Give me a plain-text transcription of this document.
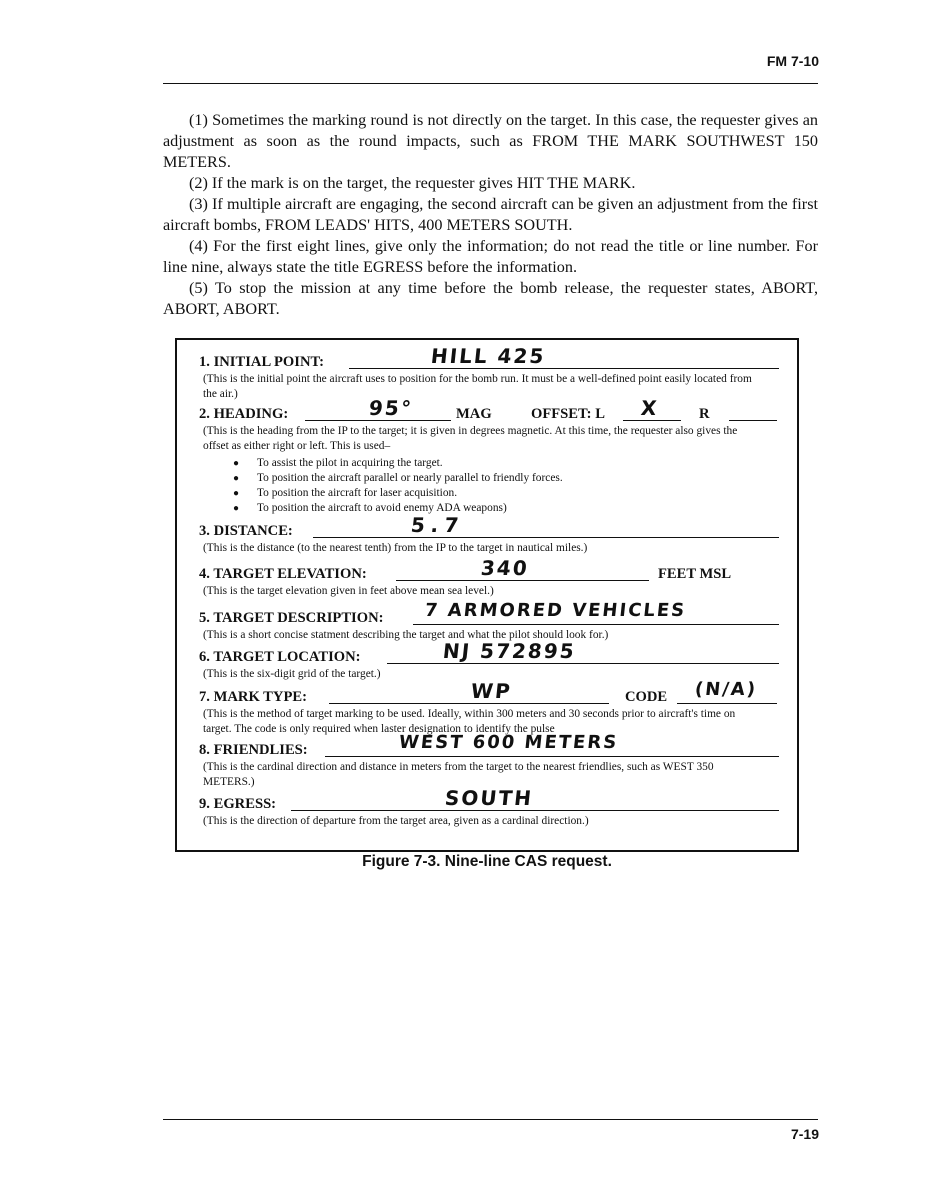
FM 7-10

(1) Sometimes the marking round is not directly on the target. In this case, the requester gives an adjustment as soon as the round impacts, such as FROM THE MARK SOUTHWEST 150 METERS.

(2) If the mark is on the target, the requester gives HIT THE MARK.

(3) If multiple aircraft are engaging, the second aircraft can be given an adjustment from the first aircraft bombs, FROM LEADS' HITS, 400 METERS SOUTH.

(4) For the first eight lines, give only the information; do not read the title or line number. For line nine, always state the title EGRESS before the information.

(5) To stop the mission at any time before the bomb release, the requester states, ABORT, ABORT, ABORT.

1. INITIAL POINT:	HILL 425
(This is the initial point the aircraft uses to position for the bomb run. It must be a well-defined point easily located from the air.)
2. HEADING:	95°	MAG	OFFSET: L X	R
(This is the heading from the IP to the target; it is given in degrees magnetic. At this time, the requester also gives the offset as either right or left. This is used–
● To assist the pilot in acquiring the target.
● To position the aircraft parallel or nearly parallel to friendly forces.
● To position the aircraft for laser acquisition.
● To position the aircraft to avoid enemy ADA weapons)
3. DISTANCE:	5.7
(This is the distance (to the nearest tenth) from the IP to the target in nautical miles.)
4. TARGET ELEVATION:	340	FEET MSL
(This is the target elevation given in feet above mean sea level.)
5. TARGET DESCRIPTION: 7 ARMORED VEHICLES
(This is a short concise statment describing the target and what the pilot should look for.)
6. TARGET LOCATION:	NJ 572895
(This is the six-digit grid of the target.)
7. MARK TYPE:	WP	CODE (N/A)
(This is the method of target marking to be used. Ideally, within 300 meters and 30 seconds prior to aircraft's time on target. The code is only required when laster designation to identify the pulse
8. FRIENDLIES:	WEST 600 METERS
(This is the cardinal direction and distance in meters from the target to the nearest friendlies, such as WEST 350 METERS.)
9. EGRESS:	SOUTH
(This is the direction of departure from the target area, given as a cardinal direction.)
Figure 7-3. Nine-line CAS request.
7-19
